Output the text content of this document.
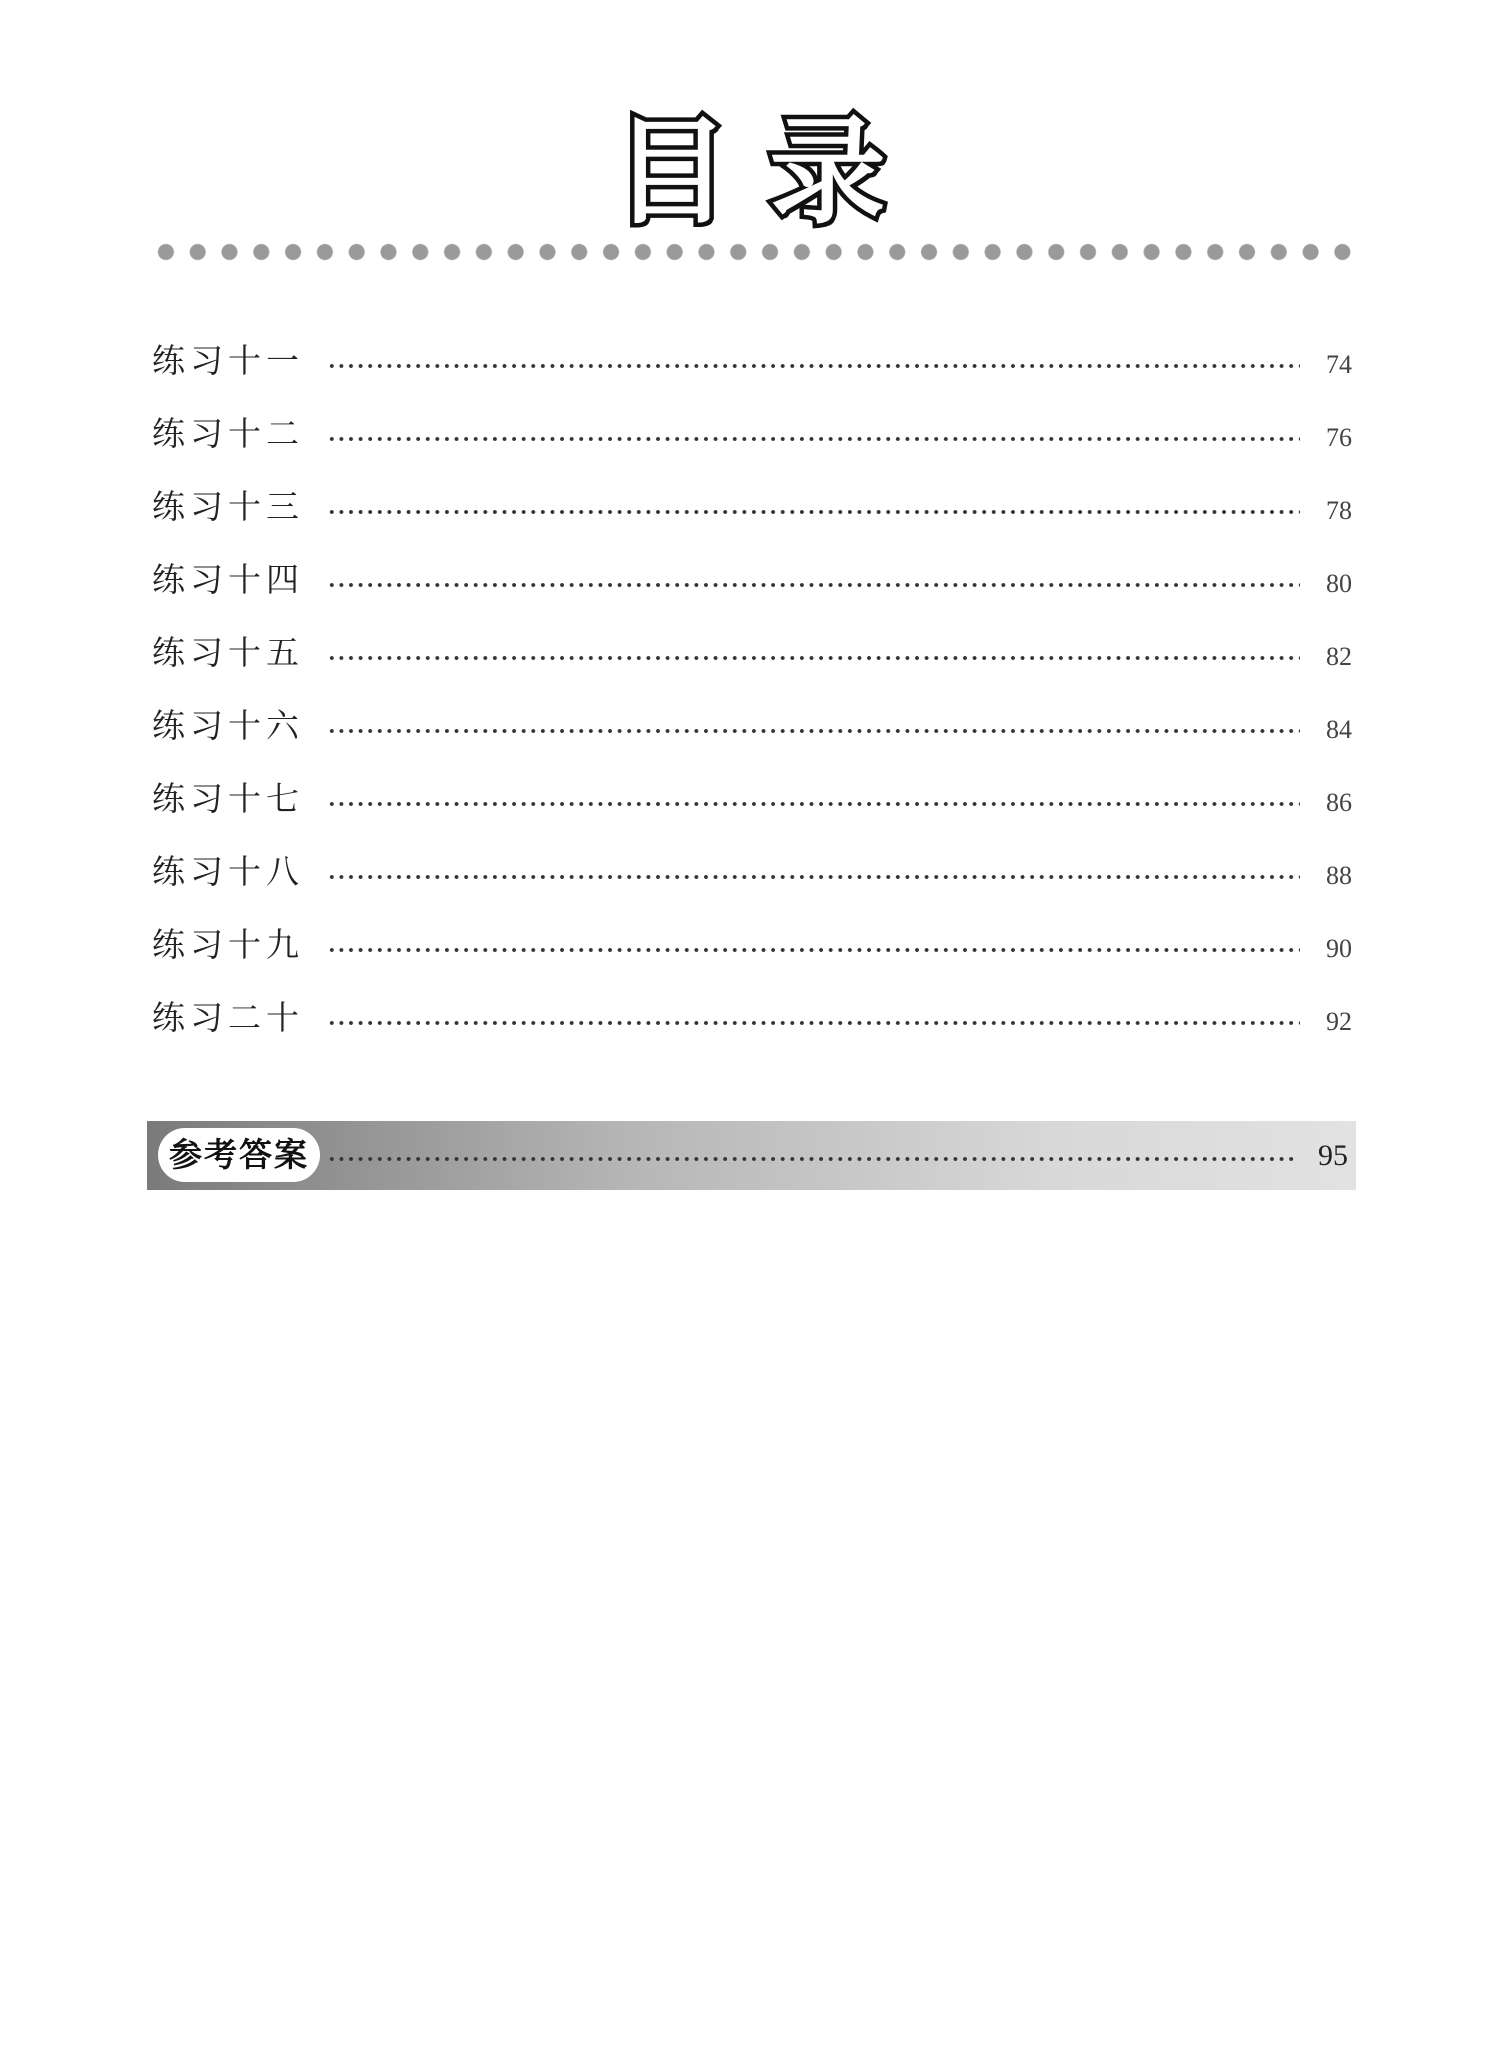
目录
练习十一	74
练习十二	76
练习十三	78
练习十四	80
练习十五	82
练习十六	84
练习十七	86
练习十八	88
练习十九	90
练习二十	92
参考答案	95
